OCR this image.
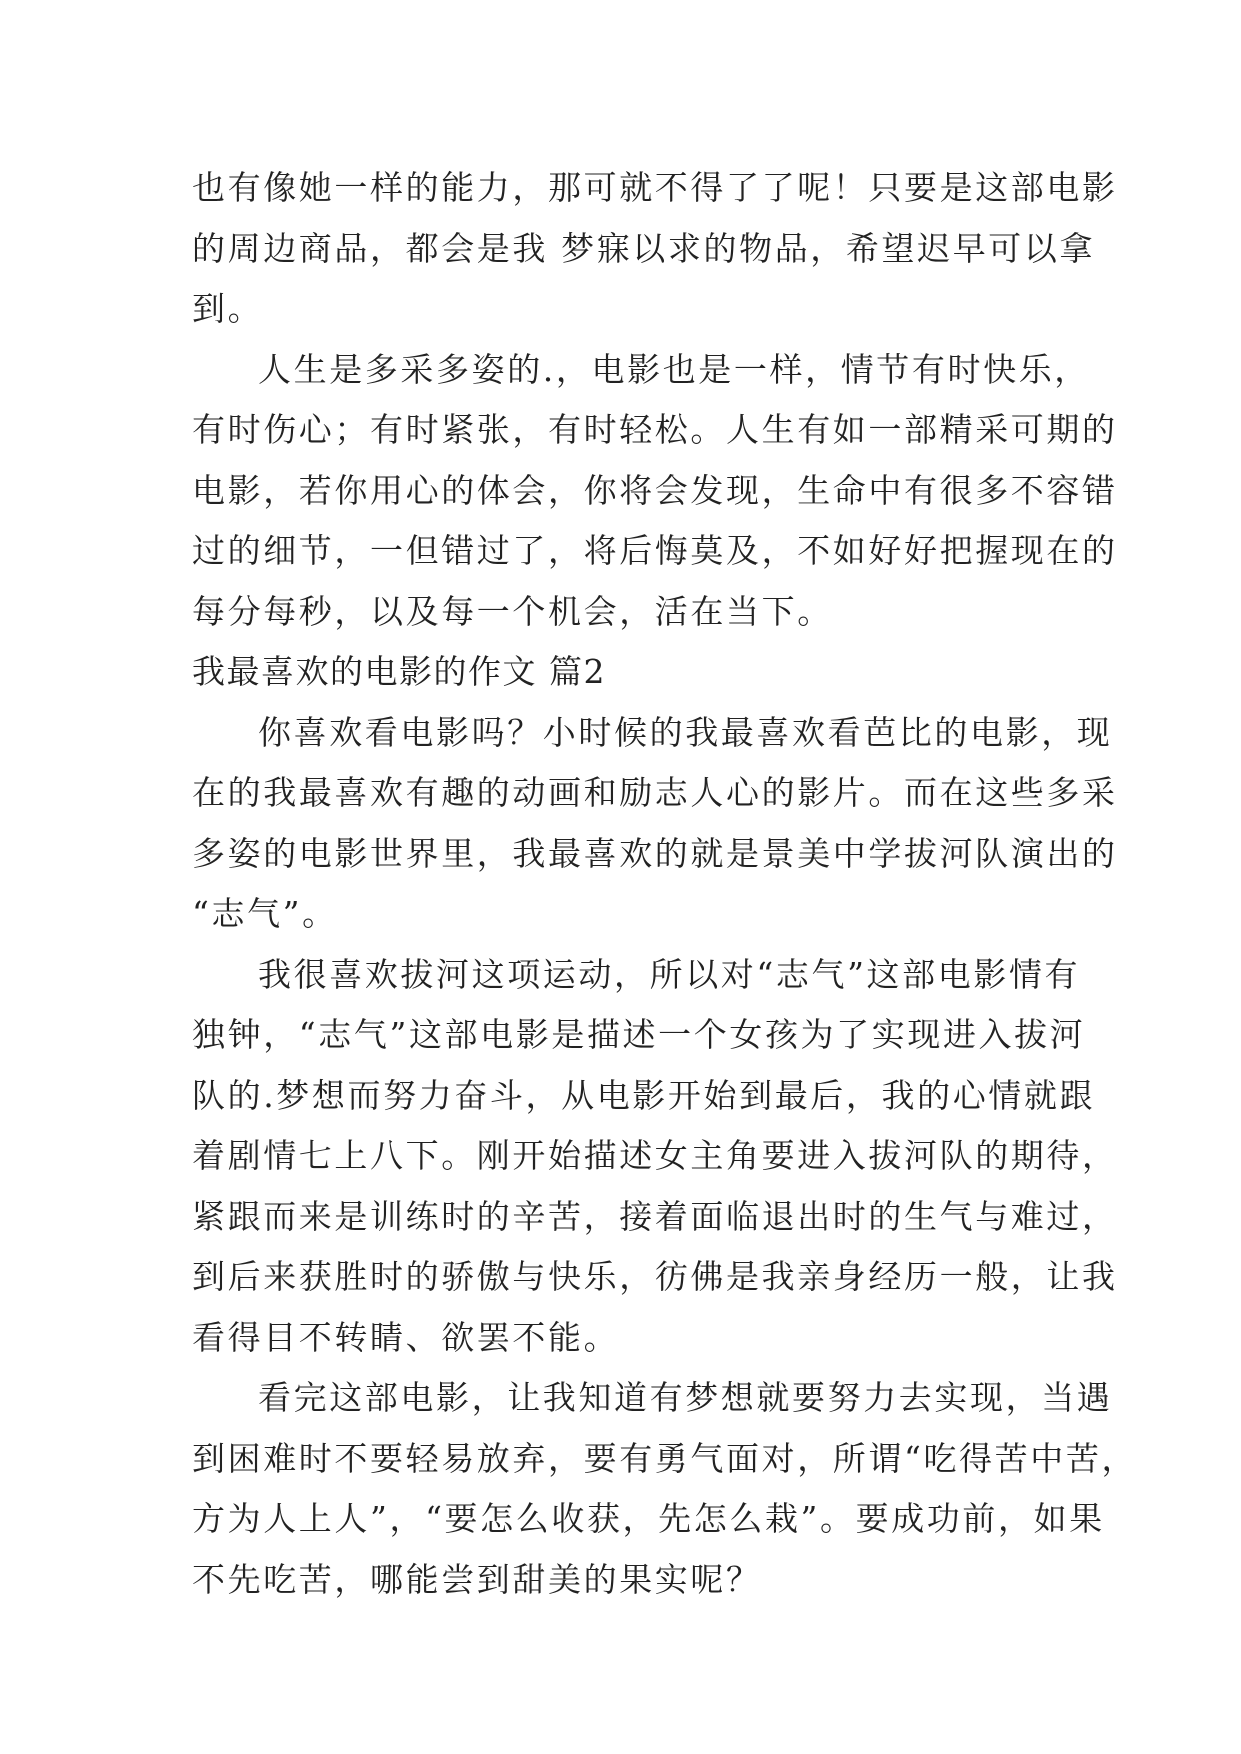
也有像她一样的能力，那可就不得了了呢！只要是这部电影
的周边商品，都会是我 梦寐以求的物品，希望迟早可以拿
到。
人生是多采多姿的.，电影也是一样，情节有时快乐，
有时伤心；有时紧张，有时轻松。人生有如一部精采可期的
电影，若你用心的体会，你将会发现，生命中有很多不容错
过的细节，一但错过了，将后悔莫及，不如好好把握现在的
每分每秒，以及每一个机会，活在当下。
我最喜欢的电影的作文 篇2
你喜欢看电影吗？小时候的我最喜欢看芭比的电影，现
在的我最喜欢有趣的动画和励志人心的影片。而在这些多采
多姿的电影世界里，我最喜欢的就是景美中学拔河队演出的
“志气”。
我很喜欢拔河这项运动，所以对“志气”这部电影情有
独钟，“志气”这部电影是描述一个女孩为了实现进入拔河
队的.梦想而努力奋斗，从电影开始到最后，我的心情就跟
着剧情七上八下。刚开始描述女主角要进入拔河队的期待，
紧跟而来是训练时的辛苦，接着面临退出时的生气与难过，
到后来获胜时的骄傲与快乐，彷佛是我亲身经历一般，让我
看得目不转睛、欲罢不能。
看完这部电影，让我知道有梦想就要努力去实现，当遇
到困难时不要轻易放弃，要有勇气面对，所谓“吃得苦中苦，
方为人上人”，“要怎么收获，先怎么栽”。要成功前，如果
不先吃苦，哪能尝到甜美的果实呢？
